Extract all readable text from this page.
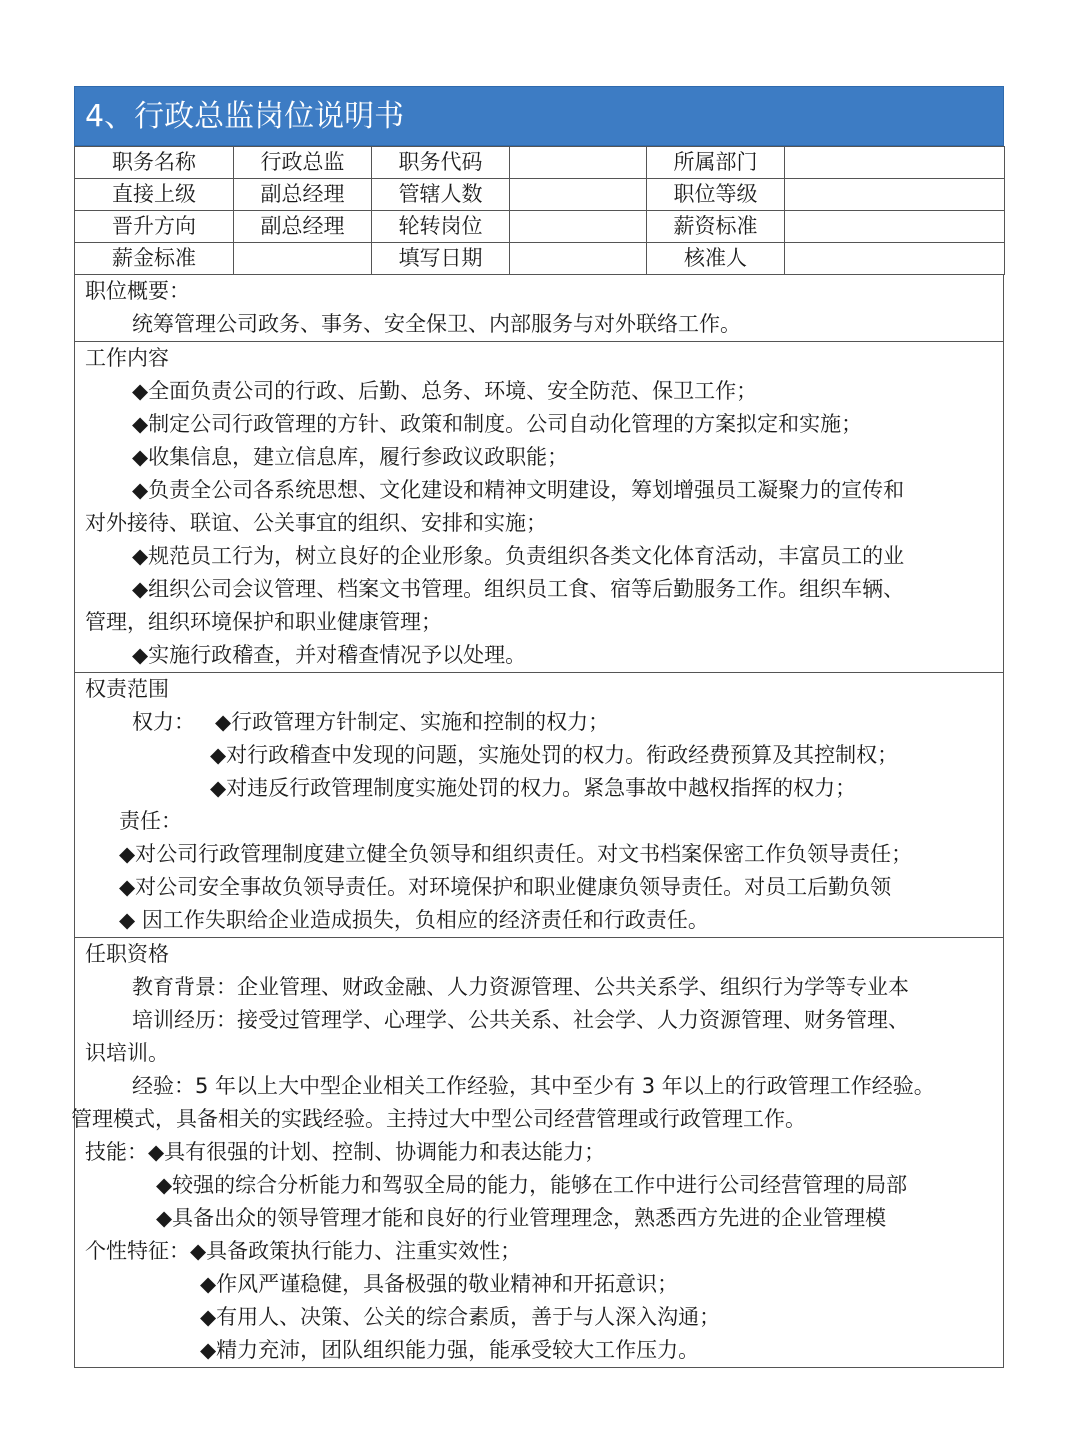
4、行政总监岗位说明书
职务名称	行政总监	职务代码		所属部门	
直接上级	副总经理	管辖人数		职位等级	
晋升方向	副总经理	轮转岗位		薪资标准	
薪金标准		填写日期		核准人	
职位概要：
统筹管理公司政务、事务、安全保卫、内部服务与对外联络工作。
工作内容
◆全面负责公司的行政、后勤、总务、环境、安全防范、保卫工作；
◆制定公司行政管理的方针、政策和制度。公司自动化管理的方案拟定和实施；
◆收集信息，建立信息库，履行参政议政职能；
◆负责全公司各系统思想、文化建设和精神文明建设，筹划增强员工凝聚力的宣传和
对外接待、联谊、公关事宜的组织、安排和实施；
◆规范员工行为，树立良好的企业形象。负责组织各类文化体育活动，丰富员工的业
◆组织公司会议管理、档案文书管理。组织员工食、宿等后勤服务工作。组织车辆、
管理，组织环境保护和职业健康管理；
◆实施行政稽查，并对稽查情况予以处理。
权责范围
权力： ◆行政管理方针制定、实施和控制的权力；
◆对行政稽查中发现的问题，实施处罚的权力。衔政经费预算及其控制权；
◆对违反行政管理制度实施处罚的权力。紧急事故中越权指挥的权力；
责任：
◆对公司行政管理制度建立健全负领导和组织责任。对文书档案保密工作负领导责任；
◆对公司安全事故负领导责任。对环境保护和职业健康负领导责任。对员工后勤负领
◆ 因工作失职给企业造成损失，负相应的经济责任和行政责任。
任职资格
教育背景：企业管理、财政金融、人力资源管理、公共关系学、组织行为学等专业本
培训经历：接受过管理学、心理学、公共关系、社会学、人力资源管理、财务管理、
识培训。
经验：5 年以上大中型企业相关工作经验，其中至少有 3 年以上的行政管理工作经验。
管理模式，具备相关的实践经验。主持过大中型公司经营管理或行政管理工作。
技能：◆具有很强的计划、控制、协调能力和表达能力；
◆较强的综合分析能力和驾驭全局的能力，能够在工作中进行公司经营管理的局部
◆具备出众的领导管理才能和良好的行业管理理念，熟悉西方先进的企业管理模
个性特征：◆具备政策执行能力、注重实效性；
◆作风严谨稳健，具备极强的敬业精神和开拓意识；
◆有用人、决策、公关的综合素质，善于与人深入沟通；
◆精力充沛，团队组织能力强，能承受较大工作压力。
